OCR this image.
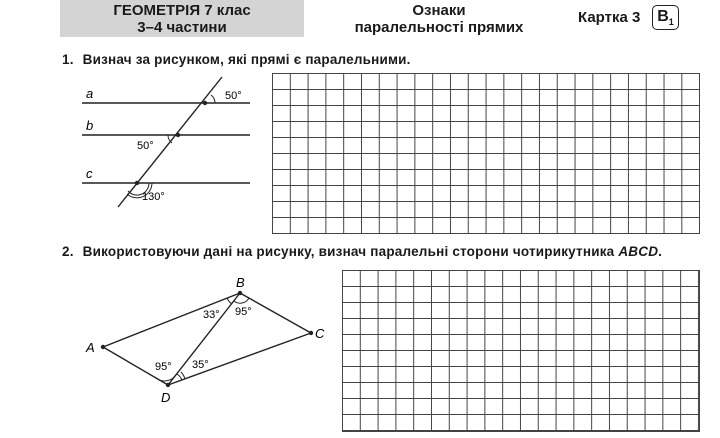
ГЕОМЕТРІЯ 7 клас
3–4 частини
Ознаки
паралельності прямих
Картка 3	$В_1$
1. Визнач за рисунком, які прямі є паралельними.
a
b
c
50°
50°
130°
A
B
C
D
33° 95°
95° 35°
2. Використовуючи дані на рисунку, визнач паралельні сторони чотирикутника ABCD.
